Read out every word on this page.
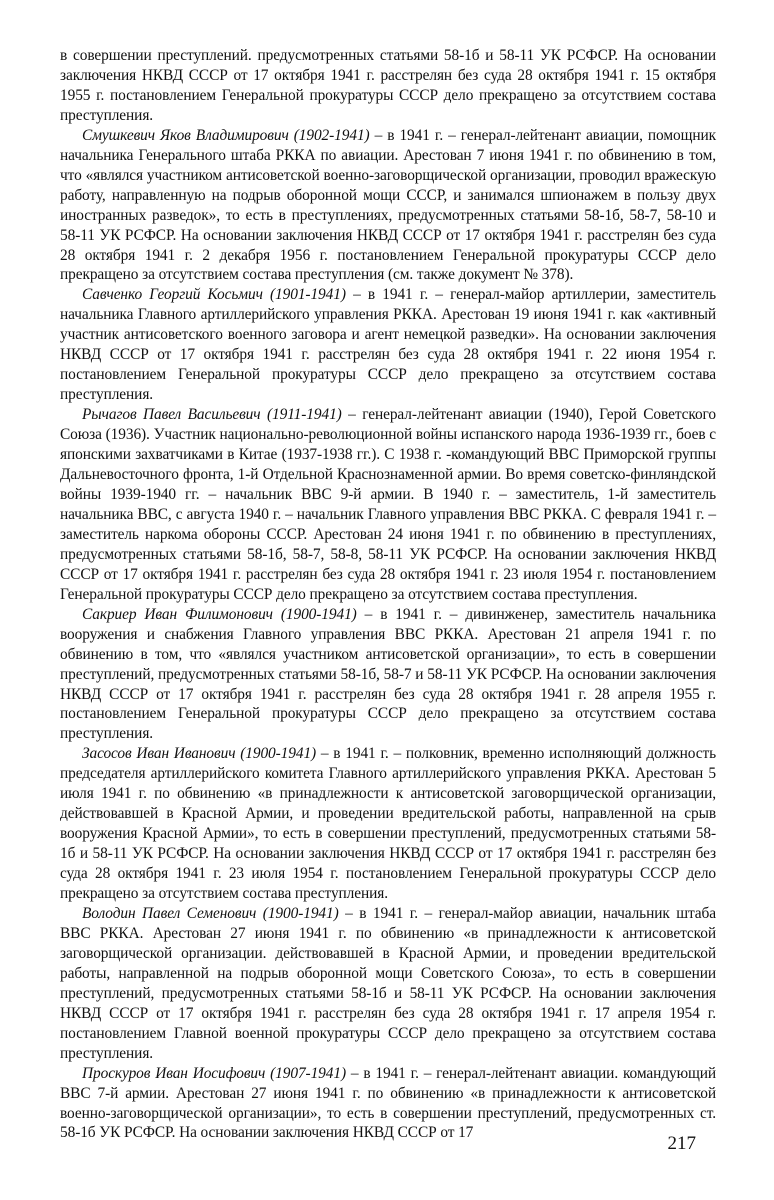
в совершении преступлений. предусмотренных статьями 58-1б и 58-11 УК РСФСР. На основании заключения НКВД СССР от 17 октября 1941 г. расстрелян без суда 28 октября 1941 г. 15 октября 1955 г. постановлением Генеральной прокуратуры СССР дело прекращено за отсутствием состава преступления.

Смушкевич Яков Владимирович (1902-1941) – в 1941 г. – генерал-лейтенант авиации, помощник начальника Генерального штаба РККА по авиации. Арестован 7 июня 1941 г. по обвинению в том, что «являлся участником антисоветской военно-заговорщической организации, проводил вражескую работу, направленную на подрыв оборонной мощи СССР, и занимался шпионажем в пользу двух иностранных разведок», то есть в преступлениях, предусмотренных статьями 58-1б, 58-7, 58-10 и 58-11 УК РСФСР. На основании заключения НКВД СССР от 17 октября 1941 г. расстрелян без суда 28 октября 1941 г. 2 декабря 1956 г. постановлением Генеральной прокуратуры СССР дело прекращено за отсутствием состава преступления (см. также документ № 378).

Савченко Георгий Косьмич (1901-1941) – в 1941 г. – генерал-майор артиллерии, заместитель начальника Главного артиллерийского управления РККА. Арестован 19 июня 1941 г. как «активный участник антисоветского военного заговора и агент немецкой разведки». На основании заключения НКВД СССР от 17 октября 1941 г. расстрелян без суда 28 октября 1941 г. 22 июня 1954 г. постановлением Генеральной прокуратуры СССР дело прекращено за отсутствием состава преступления.

Рычагов Павел Васильевич (1911-1941) – генерал-лейтенант авиации (1940), Герой Советского Союза (1936). Участник национально-революционной войны испанского народа 1936-1939 гг., боев с японскими захватчиками в Китае (1937-1938 гг.). С 1938 г. -командующий ВВС Приморской группы Дальневосточного фронта, 1-й Отдельной Краснознаменной армии. Во время советско-финляндской войны 1939-1940 гг. – начальник ВВС 9-й армии. В 1940 г. – заместитель, 1-й заместитель начальника ВВС, с августа 1940 г. – начальник Главного управления ВВС РККА. С февраля 1941 г. – заместитель наркома обороны СССР. Арестован 24 июня 1941 г. по обвинению в преступлениях, предусмотренных статьями 58-1б, 58-7, 58-8, 58-11 УК РСФСР. На основании заключения НКВД СССР от 17 октября 1941 г. расстрелян без суда 28 октября 1941 г. 23 июля 1954 г. постановлением Генеральной прокуратуры СССР дело прекращено за отсутствием состава преступления.

Сакриер Иван Филимонович (1900-1941) – в 1941 г. – дивинженер, заместитель начальника вооружения и снабжения Главного управления ВВС РККА. Арестован 21 апреля 1941 г. по обвинению в том, что «являлся участником антисоветской организации», то есть в совершении преступлений, предусмотренных статьями 58-1б, 58-7 и 58-11 УК РСФСР. На основании заключения НКВД СССР от 17 октября 1941 г. расстрелян без суда 28 октября 1941 г. 28 апреля 1955 г. постановлением Генеральной прокуратуры СССР дело прекращено за отсутствием состава преступления.

Засосов Иван Иванович (1900-1941) – в 1941 г. – полковник, временно исполняющий должность председателя артиллерийского комитета Главного артиллерийского управления РККА. Арестован 5 июля 1941 г. по обвинению «в принадлежности к антисоветской заговорщической организации, действовавшей в Красной Армии, и проведении вредительской работы, направленной на срыв вооружения Красной Армии», то есть в совершении преступлений, предусмотренных статьями 58-1б и 58-11 УК РСФСР. На основании заключения НКВД СССР от 17 октября 1941 г. расстрелян без суда 28 октября 1941 г. 23 июля 1954 г. постановлением Генеральной прокуратуры СССР дело прекращено за отсутствием состава преступления.

Володин Павел Семенович (1900-1941) – в 1941 г. – генерал-майор авиации, начальник штаба ВВС РККА. Арестован 27 июня 1941 г. по обвинению «в принадлежности к антисоветской заговорщической организации. действовавшей в Красной Армии, и проведении вредительской работы, направленной на подрыв оборонной мощи Советского Союза», то есть в совершении преступлений, предусмотренных статьями 58-1б и 58-11 УК РСФСР. На основании заключения НКВД СССР от 17 октября 1941 г. расстрелян без суда 28 октября 1941 г. 17 апреля 1954 г. постановлением Главной военной прокуратуры СССР дело прекращено за отсутствием состава преступления.

Проскуров Иван Иосифович (1907-1941) – в 1941 г. – генерал-лейтенант авиации. командующий ВВС 7-й армии. Арестован 27 июня 1941 г. по обвинению «в принадлежности к антисоветской военно-заговорщической организации», то есть в совершении преступлений, предусмотренных ст. 58-1б УК РСФСР. На основании заключения НКВД СССР от 17

217
